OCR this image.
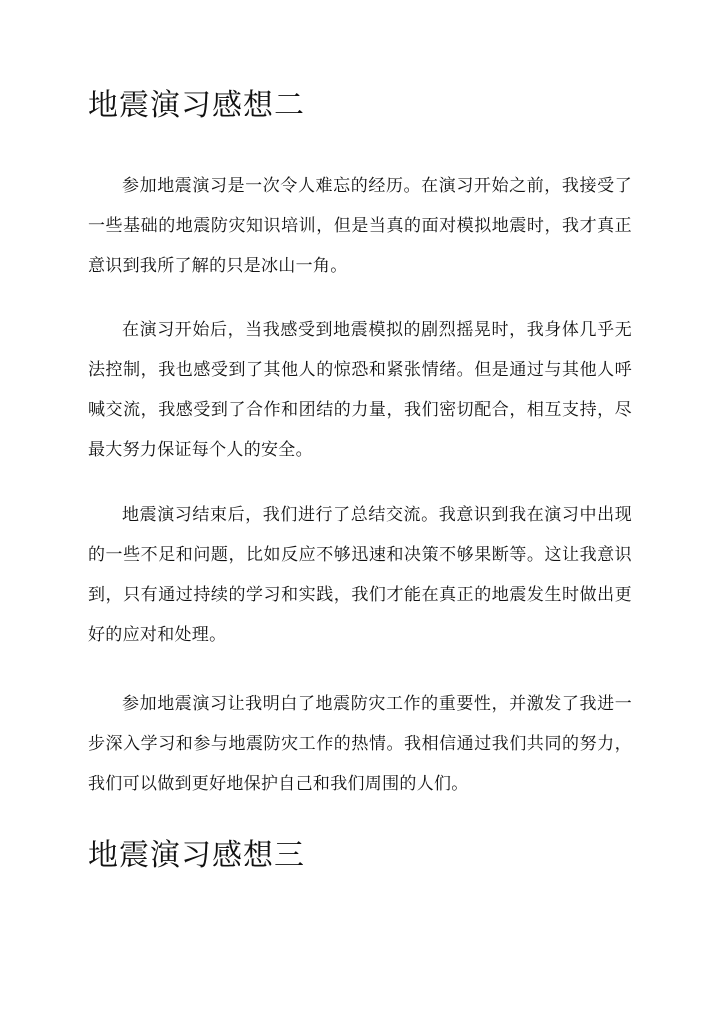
地震演习感想二

参加地震演习是一次令人难忘的经历。在演习开始之前，我接受了一些基础的地震防灾知识培训，但是当真的面对模拟地震时，我才真正意识到我所了解的只是冰山一角。

在演习开始后，当我感受到地震模拟的剧烈摇晃时，我身体几乎无法控制，我也感受到了其他人的惊恐和紧张情绪。但是通过与其他人呼喊交流，我感受到了合作和团结的力量，我们密切配合，相互支持，尽最大努力保证每个人的安全。

地震演习结束后，我们进行了总结交流。我意识到我在演习中出现的一些不足和问题，比如反应不够迅速和决策不够果断等。这让我意识到，只有通过持续的学习和实践，我们才能在真正的地震发生时做出更好的应对和处理。

参加地震演习让我明白了地震防灾工作的重要性，并激发了我进一步深入学习和参与地震防灾工作的热情。我相信通过我们共同的努力，我们可以做到更好地保护自己和我们周围的人们。

地震演习感想三
